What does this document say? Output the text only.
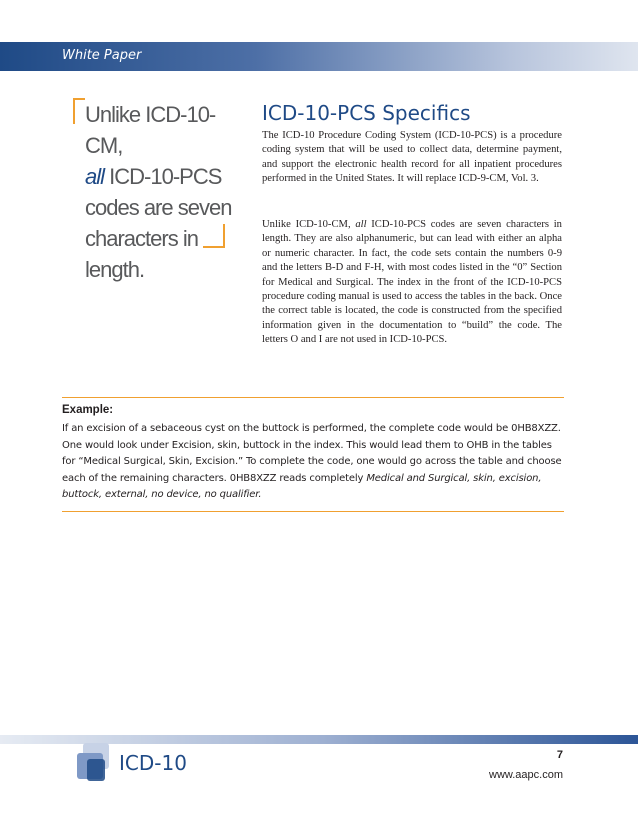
White Paper
Unlike ICD-10-CM,
all ICD-10-PCS
codes are seven
characters in
length.
ICD-10-PCS Specifics

The ICD-10 Procedure Coding System (ICD-10-PCS) is a procedure coding system that will be used to collect data, determine payment, and support the electronic health record for all inpatient procedures performed in the United States. It will replace ICD-9-CM, Vol. 3.

Unlike ICD-10-CM, all ICD-10-PCS codes are seven characters in length. They are also alphanumeric, but can lead with either an alpha or numeric character. In fact, the code sets contain the numbers 0-9 and the letters B-D and F-H, with most codes listed in the “0” Section for Medical and Surgical. The index in the front of the ICD-10-PCS procedure coding manual is used to access the tables in the back. Once the correct table is located, the code is constructed from the specified information given in the documentation to “build” the code. The letters O and I are not used in ICD-10-PCS.

Example:

If an excision of a sebaceous cyst on the buttock is performed, the complete code would be 0HB8XZZ. One would look under Excision, skin, buttock in the index. This would lead them to OHB in the tables for “Medical Surgical, Skin, Excision.” To complete the code, one would go across the table and choose each of the remaining characters. 0HB8XZZ reads completely Medical and Surgical, skin, excision, buttock, external, no device, no qualifier.

ICD-10	7
www.aapc.com
